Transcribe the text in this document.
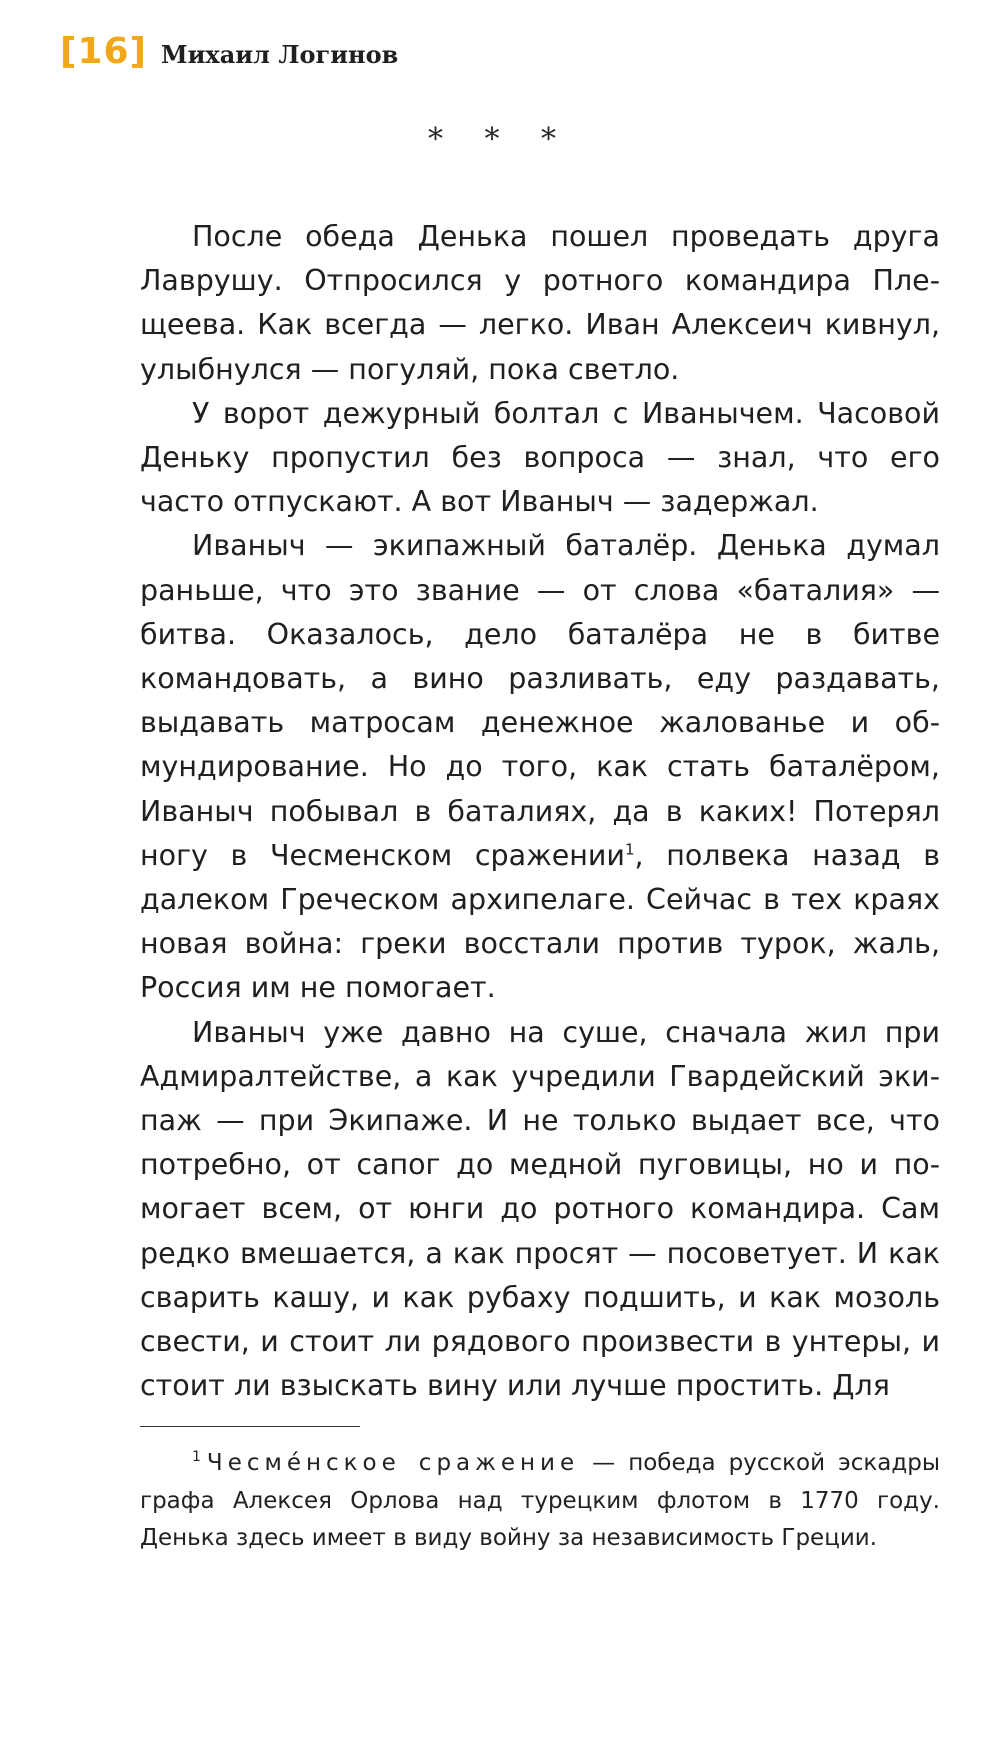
[16] Михаил Логинов
* * *

После обеда Денька пошел проведать друга Лаврушу. Отпросился у ротного командира Плещеева. Как всегда — легко. Иван Алексеич кивнул, улыбнулся — погуляй, пока светло.

У ворот дежурный болтал с Иванычем. Часовой Деньку пропустил без вопроса — знал, что его часто отпускают. А вот Иваныч — задержал.

Иваныч — экипажный баталёр. Денька думал раньше, что это звание — от слова «баталия» — битва. Оказалось, дело баталёра не в битве командовать, а вино разливать, еду раздавать, выдавать матросам денежное жалованье и обмундирование. Но до того, как стать баталёром, Иваныч побывал в баталиях, да в каких! Потерял ногу в Чесменском сражении$^1$, полвека назад в далеком Греческом архипелаге. Сейчас в тех краях новая война: греки восстали против турок, жаль, Россия им не помогает.

Иваныч уже давно на суше, сначала жил при Адмиралтействе, а как учредили Гвардейский экипаж — при Экипаже. И не только выдает все, что потребно, от сапог до медной пуговицы, но и помогает всем, от юнги до ротного командира. Сам редко вмешается, а как просят — посоветует. И как сварить кашу, и как рубаху подшить, и как мозоль свести, и стоит ли рядового произвести в унтеры, и стоит ли взыскать вину или лучше простить. Для

$^1$ Чесме́нское сражение — победа русской эскадры графа Алексея Орлова над турецким флотом в 1770 году. Денька здесь имеет в виду войну за независимость Греции.
